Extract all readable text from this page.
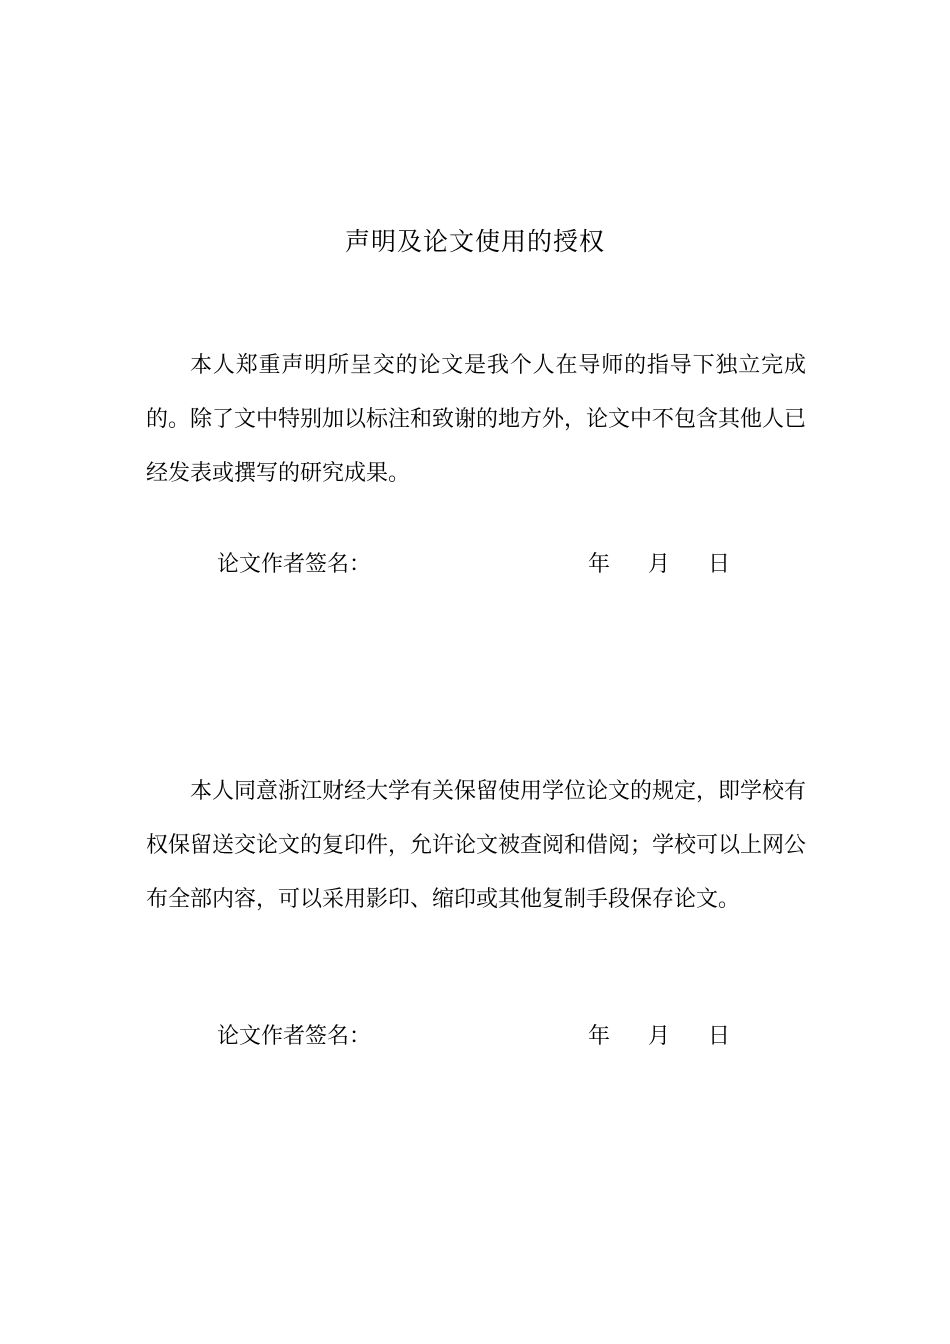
声明及论文使用的授权

本人郑重声明所呈交的论文是我个人在导师的指导下独立完成的。除了文中特别加以标注和致谢的地方外，论文中不包含其他人已经发表或撰写的研究成果。

论文作者签名：	年 月 日

本人同意浙江财经大学有关保留使用学位论文的规定，即学校有权保留送交论文的复印件，允许论文被查阅和借阅；学校可以上网公布全部内容，可以采用影印、缩印或其他复制手段保存论文。

论文作者签名：	年 月 日
